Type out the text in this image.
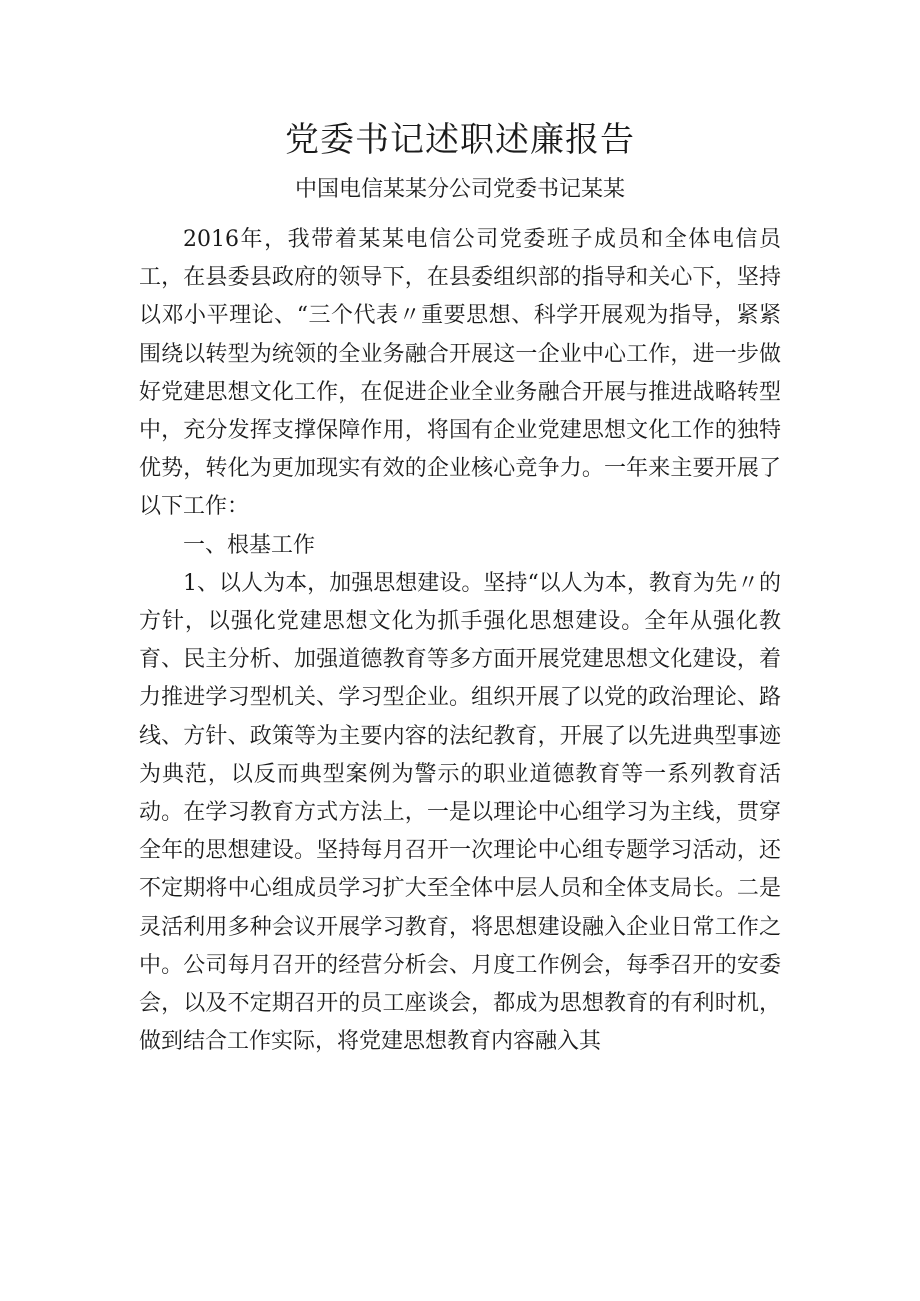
党委书记述职述廉报告
中国电信某某分公司党委书记某某

2016年，我带着某某电信公司党委班子成员和全体电信员工，在县委县政府的领导下，在县委组织部的指导和关心下，坚持以邓小平理论、“三个代表〃重要思想、科学开展观为指导，紧紧围绕以转型为统领的全业务融合开展这一企业中心工作，进一步做好党建思想文化工作，在促进企业全业务融合开展与推进战略转型中，充分发挥支撑保障作用，将国有企业党建思想文化工作的独特优势，转化为更加现实有效的企业核心竞争力。一年来主要开展了以下工作：

一、根基工作

1、以人为本，加强思想建设。坚持“以人为本，教育为先〃的方针，以强化党建思想文化为抓手强化思想建设。全年从强化教育、民主分析、加强道德教育等多方面开展党建思想文化建设，着力推进学习型机关、学习型企业。组织开展了以党的政治理论、路线、方针、政策等为主要内容的法纪教育，开展了以先进典型事迹为典范，以反而典型案例为警示的职业道德教育等一系列教育活动。在学习教育方式方法上，一是以理论中心组学习为主线，贯穿全年的思想建设。坚持每月召开一次理论中心组专题学习活动，还不定期将中心组成员学习扩大至全体中层人员和全体支局长。二是灵活利用多种会议开展学习教育，将思想建设融入企业日常工作之中。公司每月召开的经营分析会、月度工作例会，每季召开的安委会，以及不定期召开的员工座谈会，都成为思想教育的有利时机，做到结合工作实际，将党建思想教育内容融入其
